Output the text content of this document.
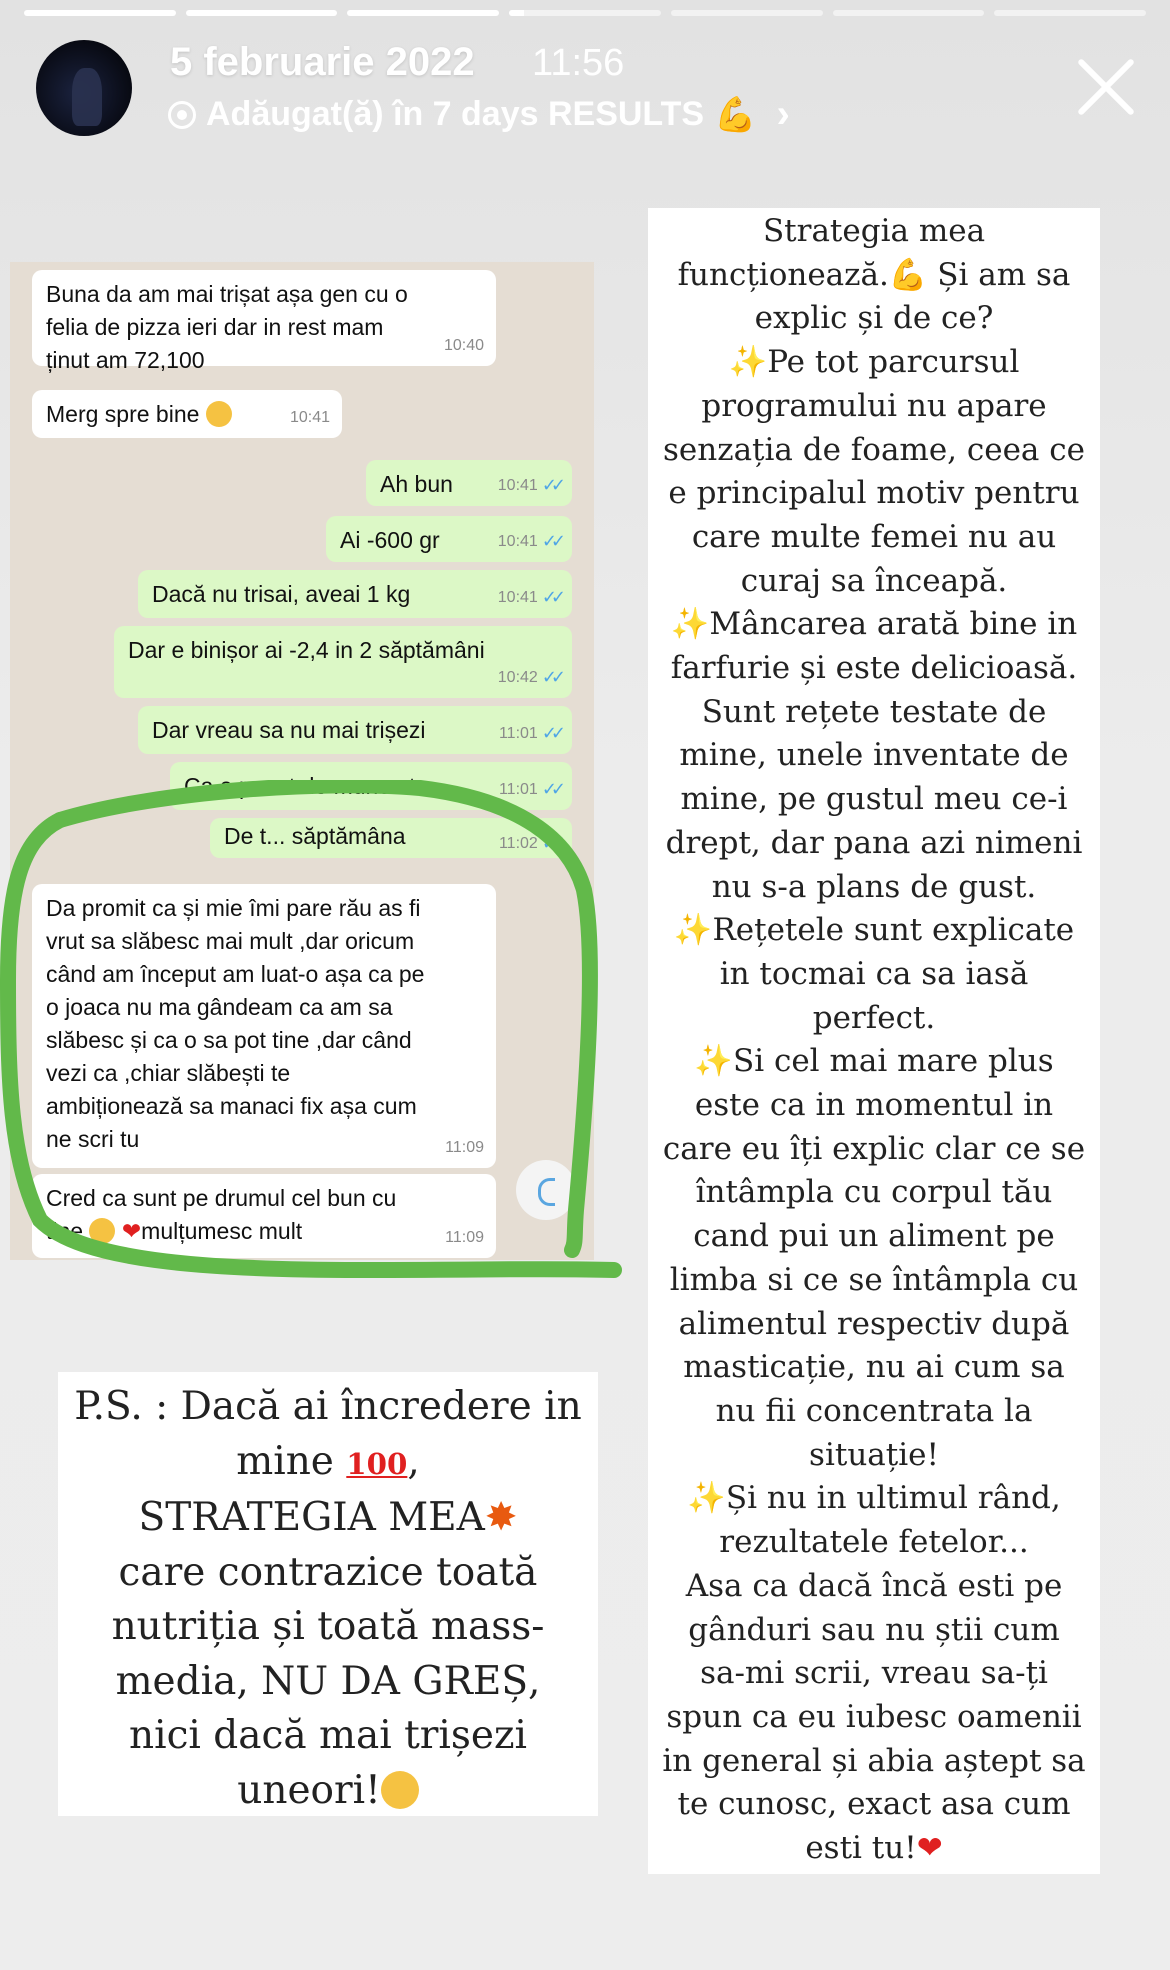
5 februarie 2022 11:56
Adăugat(ă) în 7 days RESULTS 💪 ›
Buna da am mai trișat așa gen cu o
felia de pizza ieri dar in rest mam
ținut am 72,100
10:40
Merg spre bine	10:41
Ah bun	10:41 ✓✓
Ai -600 gr	10:41 ✓✓
Dacă nu trisai, aveai 1 kg	10:41 ✓✓
Dar e binișor ai -2,4 in 2 săptămâni
10:42 ✓✓
Dar vreau sa nu mai trișezi	11:01 ✓✓
Ca e pacat de munca ta	11:01 ✓✓
De t... săptămâna	11:02 ✓✓
Da promit ca și mie îmi pare rău as fi
vrut sa slăbesc mai mult ,dar oricum
când am început am luat-o așa ca pe
o joaca nu ma gândeam ca am sa
slăbesc și ca o sa pot tine ,dar când
vezi ca ,chiar slăbești te
ambiționează sa manaci fix așa cum
ne scri tu	11:09
Cred ca sunt pe drumul cel bun cu
tine ❤mulțumesc mult	11:09
Strategia mea
funcționează.💪 Și am sa
explic și de ce?
✨Pe tot parcursul
programului nu apare
senzația de foame, ceea ce
e principalul motiv pentru
care multe femei nu au
curaj sa înceapă.
✨Mâncarea arată bine in
farfurie și este delicioasă.
Sunt rețete testate de
mine, unele inventate de
mine, pe gustul meu ce-i
drept, dar pana azi nimeni
nu s-a plans de gust.
✨Rețetele sunt explicate
in tocmai ca sa iasă
perfect.
✨Si cel mai mare plus
este ca in momentul in
care eu îți explic clar ce se
întâmpla cu corpul tău
cand pui un aliment pe
limba si ce se întâmpla cu
alimentul respectiv după
masticație, nu ai cum sa
nu fii concentrata la
situație!
✨Și nu in ultimul rând,
rezultatele fetelor...
Asa ca dacă încă esti pe
gânduri sau nu știi cum
sa-mi scrii, vreau sa-ți
spun ca eu iubesc oamenii
in general și abia aștept sa
te cunosc, exact asa cum
esti tu!❤
P.S. : Dacă ai încredere in
mine 100,
STRATEGIA MEA✸
care contrazice toată
nutriția și toată mass-
media, NU DA GREȘ,
nici dacă mai trișezi
uneori!
